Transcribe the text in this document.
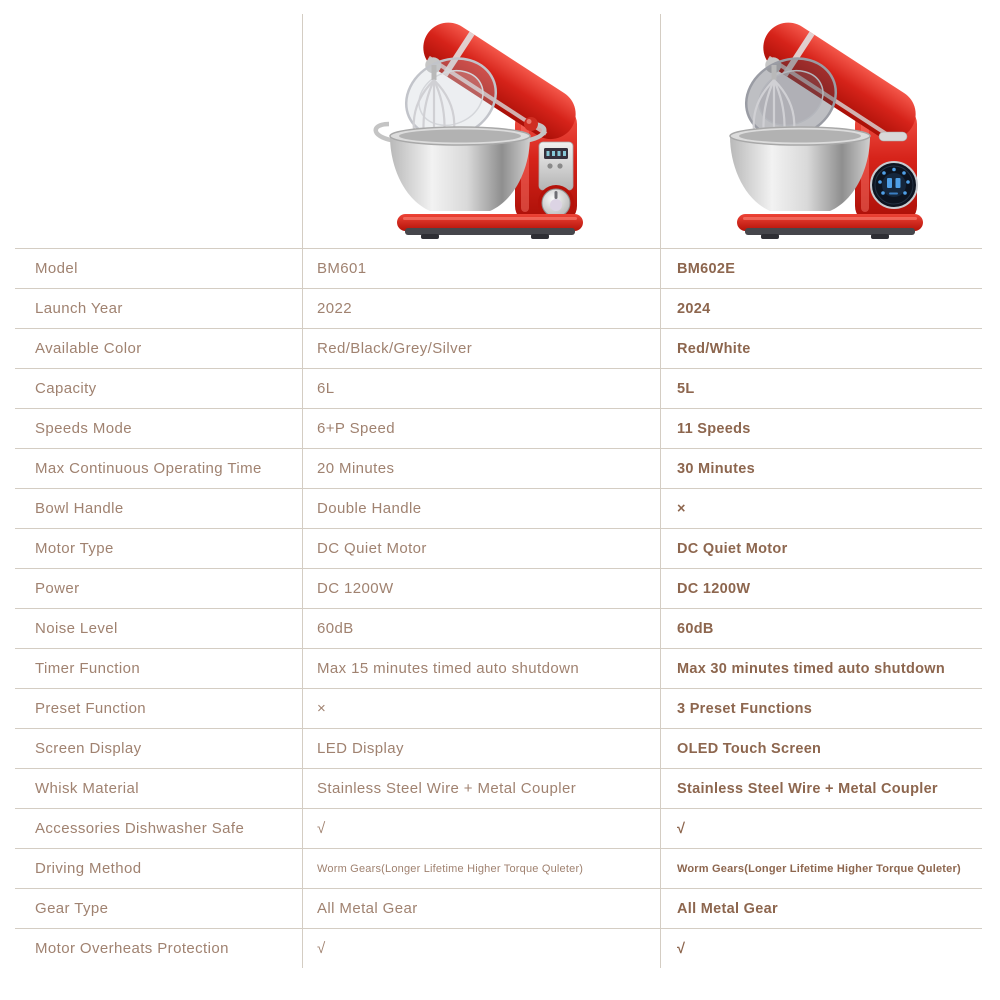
Model	BM601	BM602E
Launch Year	2022	2024
Available Color	Red/Black/Grey/Silver	Red/White
Capacity	6L	5L
Speeds Mode	6+P Speed	11 Speeds
Max Continuous Operating Time	20 Minutes	30 Minutes
Bowl Handle	Double Handle	×
Motor Type	DC Quiet Motor	DC Quiet Motor
Power	DC 1200W	DC 1200W
Noise Level	60dB	60dB
Timer Function	Max 15 minutes timed auto shutdown	Max 30 minutes timed auto shutdown
Preset Function	×	3 Preset Functions
Screen Display	LED Display	OLED Touch Screen
Whisk Material	Stainless Steel Wire + Metal Coupler	Stainless Steel Wire + Metal Coupler
Accessories Dishwasher Safe	√	√
Driving Method	Worm Gears(Longer Lifetime Higher Torque Quleter)	Worm Gears(Longer Lifetime Higher Torque Quleter)
Gear Type	All Metal Gear	All Metal Gear
Motor Overheats Protection	√	√
